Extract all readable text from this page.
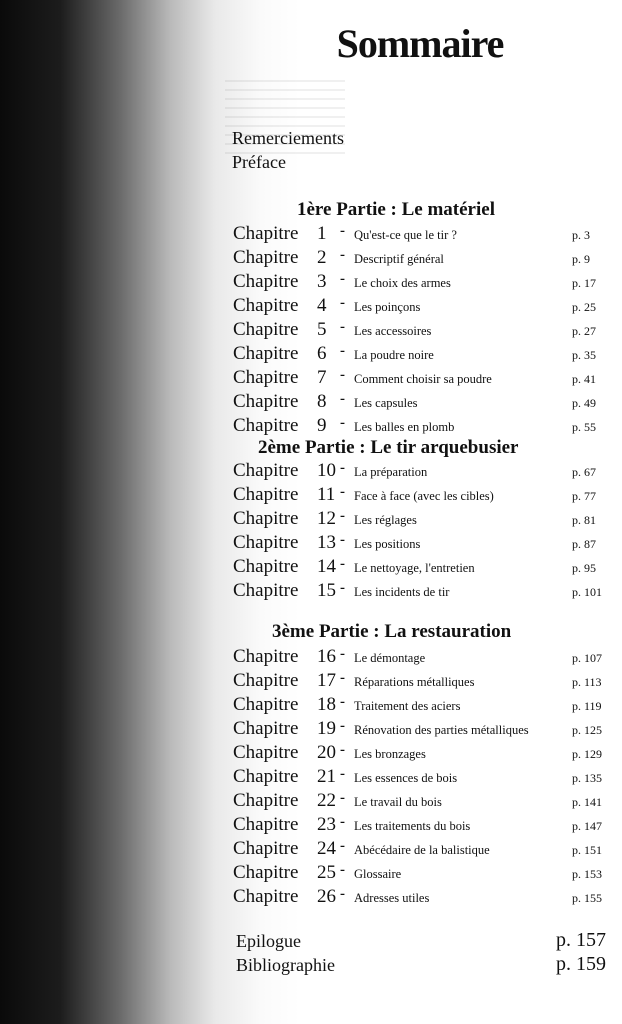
Sommaire
Remerciements
Préface
1ère Partie : Le matériel
2ème Partie : Le tir arquebusier
3ème Partie : La restauration
Chapitre 1 - Qu'est-ce que le tir ?	p. 3
Chapitre 2 - Descriptif général	p. 9
Chapitre 3 - Le choix des armes	p. 17
Chapitre 4 - Les poinçons	p. 25
Chapitre 5 - Les accessoires	p. 27
Chapitre 6 - La poudre noire	p. 35
Chapitre 7 - Comment choisir sa poudre	p. 41
Chapitre 8 - Les capsules	p. 49
Chapitre 9 - Les balles en plomb	p. 55
Chapitre 10 - La préparation	p. 67
Chapitre 11 - Face à face (avec les cibles)	p. 77
Chapitre 12 - Les réglages	p. 81
Chapitre 13 - Les positions	p. 87
Chapitre 14 - Le nettoyage, l'entretien	p. 95
Chapitre 15 - Les incidents de tir	p. 101
Chapitre 16 - Le démontage	p. 107
Chapitre 17 - Réparations métalliques	p. 113
Chapitre 18 - Traitement des aciers	p. 119
Chapitre 19 - Rénovation des parties métalliques	p. 125
Chapitre 20 - Les bronzages	p. 129
Chapitre 21 - Les essences de bois	p. 135
Chapitre 22 - Le travail du bois	p. 141
Chapitre 23 - Les traitements du bois	p. 147
Chapitre 24 - Abécédaire de la balistique	p. 151
Chapitre 25 - Glossaire	p. 153
Chapitre 26 - Adresses utiles	p. 155
Epilogue	p. 157
Bibliographie	p. 159
